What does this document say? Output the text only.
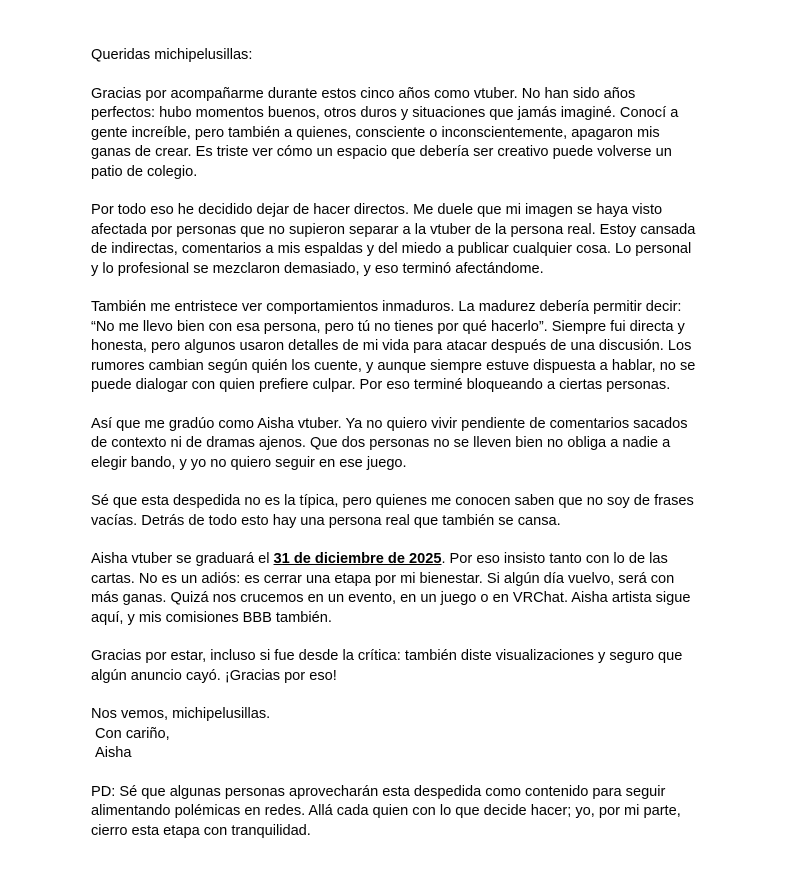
Queridas michipelusillas:

Gracias por acompañarme durante estos cinco años como vtuber. No han sido años perfectos: hubo momentos buenos, otros duros y situaciones que jamás imaginé. Conocí a gente increíble, pero también a quienes, consciente o inconscientemente, apagaron mis ganas de crear. Es triste ver cómo un espacio que debería ser creativo puede volverse un patio de colegio.

Por todo eso he decidido dejar de hacer directos. Me duele que mi imagen se haya visto afectada por personas que no supieron separar a la vtuber de la persona real. Estoy cansada de indirectas, comentarios a mis espaldas y del miedo a publicar cualquier cosa. Lo personal y lo profesional se mezclaron demasiado, y eso terminó afectándome.

También me entristece ver comportamientos inmaduros. La madurez debería permitir decir: “No me llevo bien con esa persona, pero tú no tienes por qué hacerlo”. Siempre fui directa y honesta, pero algunos usaron detalles de mi vida para atacar después de una discusión. Los rumores cambian según quién los cuente, y aunque siempre estuve dispuesta a hablar, no se puede dialogar con quien prefiere culpar. Por eso terminé bloqueando a ciertas personas.

Así que me gradúo como Aisha vtuber. Ya no quiero vivir pendiente de comentarios sacados de contexto ni de dramas ajenos. Que dos personas no se lleven bien no obliga a nadie a elegir bando, y yo no quiero seguir en ese juego.

Sé que esta despedida no es la típica, pero quienes me conocen saben que no soy de frases vacías. Detrás de todo esto hay una persona real que también se cansa.

Aisha vtuber se graduará el 31 de diciembre de 2025. Por eso insisto tanto con lo de las cartas. No es un adiós: es cerrar una etapa por mi bienestar. Si algún día vuelvo, será con más ganas. Quizá nos crucemos en un evento, en un juego o en VRChat. Aisha artista sigue aquí, y mis comisiones BBB también.

Gracias por estar, incluso si fue desde la crítica: también diste visualizaciones y seguro que algún anuncio cayó. ¡Gracias por eso!

Nos vemos, michipelusillas.
Con cariño,
Aisha

PD: Sé que algunas personas aprovecharán esta despedida como contenido para seguir alimentando polémicas en redes. Allá cada quien con lo que decide hacer; yo, por mi parte, cierro esta etapa con tranquilidad.
